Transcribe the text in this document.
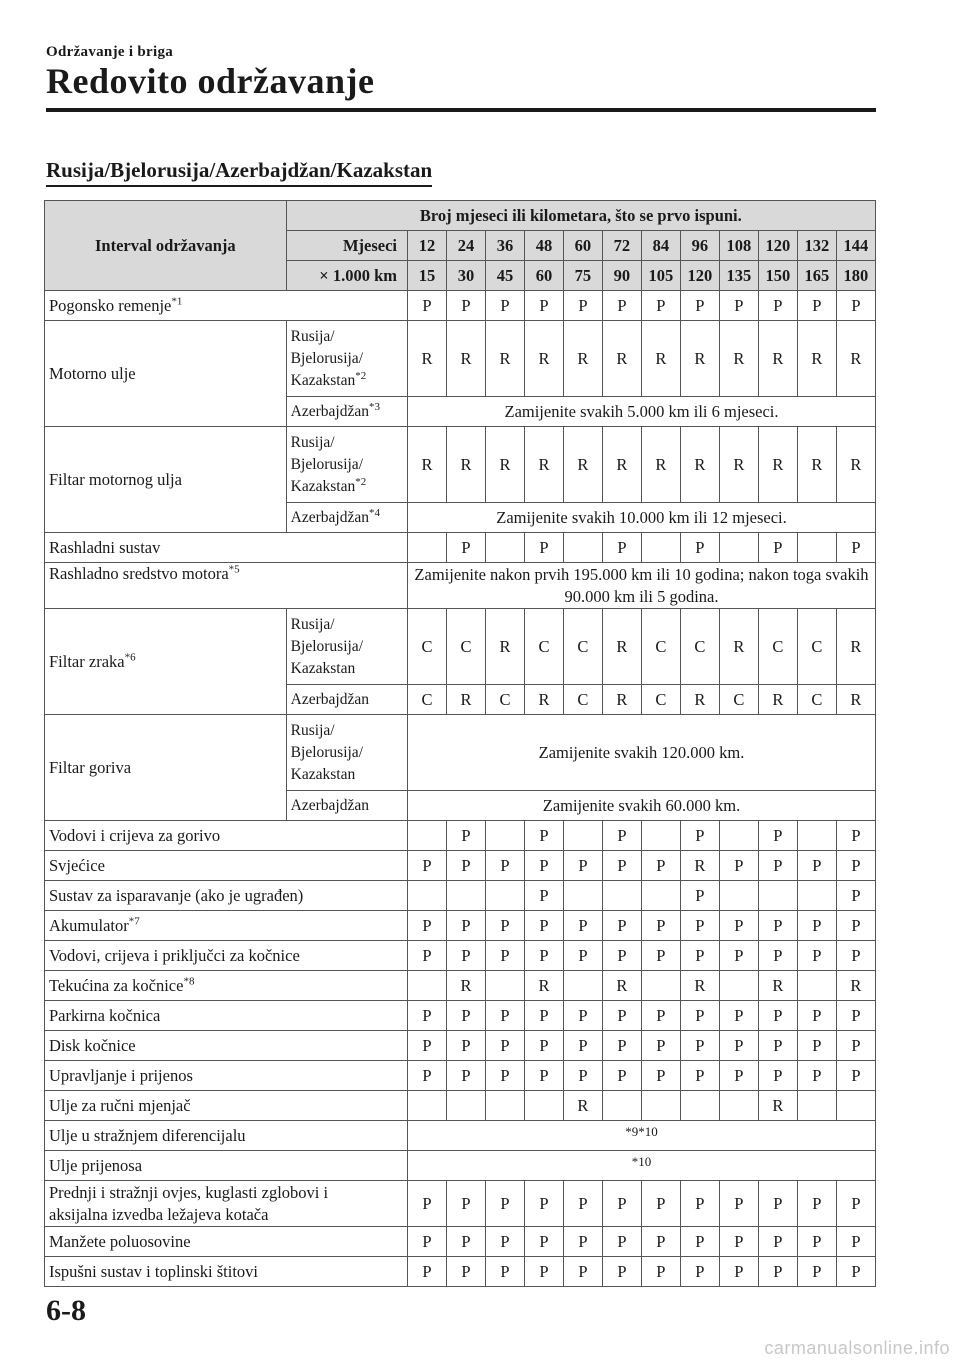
Održavanje i briga
Redovito održavanje
Rusija/Bjelorusija/Azerbajdžan/Kazakstan
Interval održavanja	Broj mjeseci ili kilometara, što se prvo ispuni.												
	Mjeseci	12	24	36	48	60	72	84	96	108	120	132	144
	× 1.000 km	15	30	45	60	75	90	105	120	135	150	165	180
Pogonsko remenje$^{*1}$		P	P	P	P	P	P	P	P	P	P	P	P
Motorno ulje	Rusija/
Bjelorusija/
Kazakstan$^{*2}$	R	R	R	R	R	R	R	R	R	R	R	R
	Azerbajdžan$^{*3}$	Zamijenite svakih 5.000 km ili 6 mjeseci.											
Filtar motornog ulja	Rusija/
Bjelorusija/
Kazakstan$^{*2}$	R	R	R	R	R	R	R	R	R	R	R	R
	Azerbajdžan$^{*4}$	Zamijenite svakih 10.000 km ili 12 mjeseci.											
Rashladni sustav			P		P		P		P		P		P
Rashladno sredstvo motora$^{*5}$		Zamijenite nakon prvih 195.000 km ili 10 godina; nakon toga svakih 90.000 km ili 5 godina.											
Filtar zraka$^{*6}$	Rusija/
Bjelorusija/
Kazakstan	C	C	R	C	C	R	C	C	R	C	C	R
	Azerbajdžan	C	R	C	R	C	R	C	R	C	R	C	R
Filtar goriva	Rusija/
Bjelorusija/
Kazakstan	Zamijenite svakih 120.000 km.											
	Azerbajdžan	Zamijenite svakih 60.000 km.											
Vodovi i crijeva za gorivo			P		P		P		P		P		P
Svjećice		P	P	P	P	P	P	P	R	P	P	P	P
Sustav za isparavanje (ako je ugrađen)					P				P				P
Akumulator$^{*7}$		P	P	P	P	P	P	P	P	P	P	P	P
Vodovi, crijeva i priključci za kočnice		P	P	P	P	P	P	P	P	P	P	P	P
Tekućina za kočnice$^{*8}$			R		R		R		R		R		R
Parkirna kočnica		P	P	P	P	P	P	P	P	P	P	P	P
Disk kočnice		P	P	P	P	P	P	P	P	P	P	P	P
Upravljanje i prijenos		P	P	P	P	P	P	P	P	P	P	P	P
Ulje za ručni mjenjač						R					R		
Ulje u stražnjem diferencijalu		*9*10											
Ulje prijenosa		*10											
Prednji i stražnji ovjes, kuglasti zglobovi i
aksijalna izvedba ležajeva kotača		P	P	P	P	P	P	P	P	P	P	P	P
Manžete poluosovine		P	P	P	P	P	P	P	P	P	P	P	P
Ispušni sustav i toplinski štitovi		P	P	P	P	P	P	P	P	P	P	P	P
6-8
carmanualsonline.info
